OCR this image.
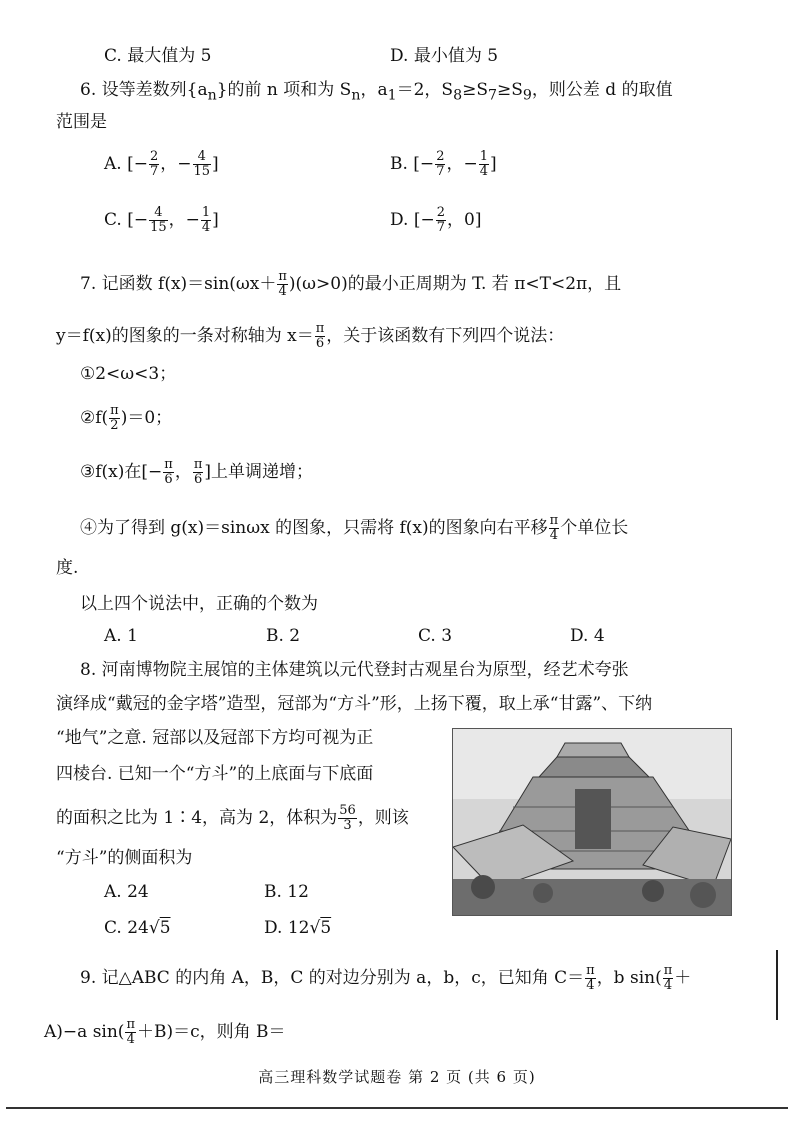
C. 最大值为 5	D. 最小值为 5
6. 设等差数列$\{a_n\}$的前 n 项和为 $S_n$，$a_1=2$，$S_8\ge S_7\ge S_9$，则公差 d 的取值
范围是
A. [− $\frac{2}{7}$ ，− $\frac{4}{15}$ ]	B. [− $\frac{2}{7}$ ，− $\frac{1}{4}$ ]
C. [− $\frac{4}{15}$ ，− $\frac{1}{4}$ ]	D. [− $\frac{2}{7}$ ，0]
7. 记函数 $f(x)=\sin(\omega x+ \frac{\pi}{4} )(\omega>0)$的最小正周期为 T. 若 π<T<2π，且
y＝f(x)的图象的一条对称轴为 $x= \frac{\pi}{6}$ ，关于该函数有下列四个说法：
①2<ω<3；
②f( $\frac{\pi}{2} )=0$；
③f(x)在[− $\frac{\pi}{6}$ ， $\frac{\pi}{6}$ ]上单调递增；
④为了得到 g(x)＝sinωx 的图象，只需将 f(x)的图象向右平移 $\frac{\pi}{4}$ 个单位长
度.
以上四个说法中，正确的个数为
A. 1	B. 2	C. 3	D. 4
8. 河南博物院主展馆的主体建筑以元代登封古观星台为原型，经艺术夸张
演绎成“戴冠的金字塔”造型，冠部为“方斗”形，上扬下覆，取上承“甘露”、下纳
“地气”之意. 冠部以及冠部下方均可视为正
四棱台. 已知一个“方斗”的上底面与下底面
的面积之比为 1∶4，高为 2，体积为 $\frac{56}{3}$ ，则该
“方斗”的侧面积为
A. 24	B. 12
C. 24√5	D. 12√5
9. 记△ABC 的内角 A，B，C 的对边分别为 a，b，c，已知角 $C= \frac{\pi}{4}$ ，b $\sin( \frac{\pi}{4}$ ＋
A)−a $\sin( \frac{\pi}{4} +B)=c$，则角 B＝
高三理科数学试题卷 第 2 页 (共 6 页)
